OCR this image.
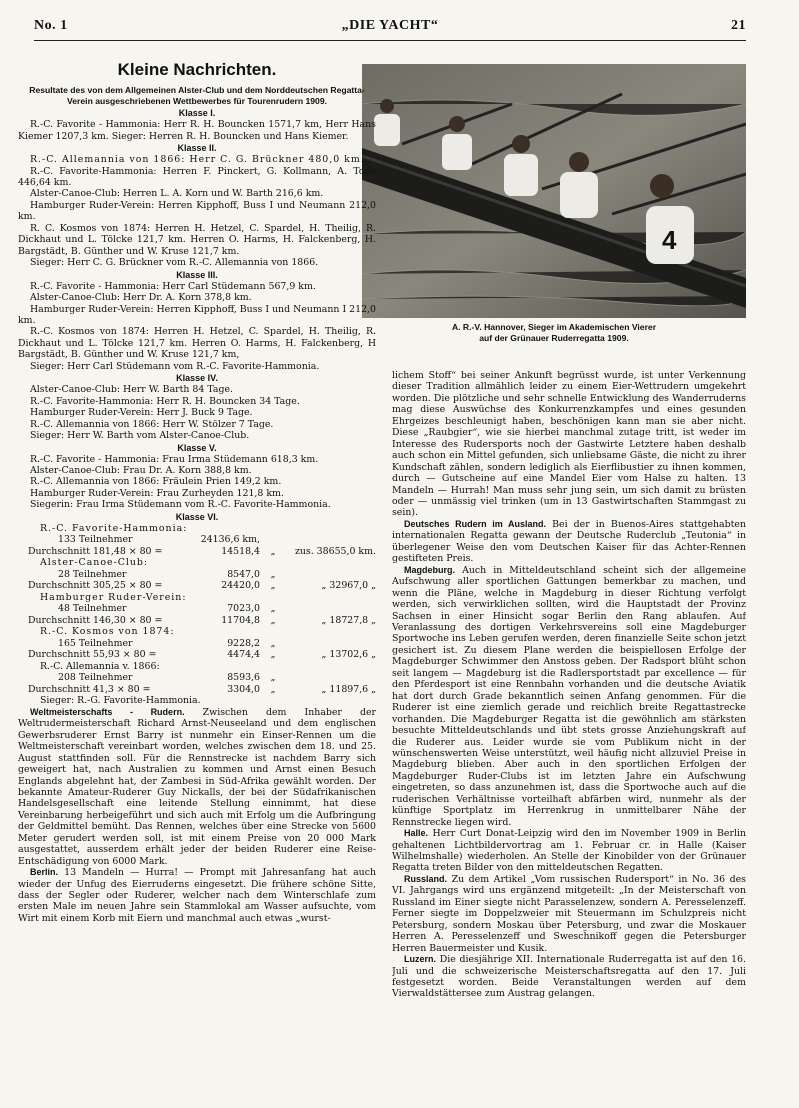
„DIE YACHT“
No. 1	21
4
A. R.-V. Hannover, Sieger im Akademischen Vierer
auf der Grünauer Ruderregatta 1909.
Kleine Nachrichten.
Resultate des von dem Allgemeinen Alster-Club und dem Norddeutschen Regatta-Verein ausgeschriebenen Wettbewerbes für Tourenrudern 1909.
Klasse I.

R.-C. Favorite - Hammonia: Herr R. H. Bouncken 1571,7 km, Herr Hans Kiemer 1207,3 km. Sieger: Herren R. H. Bouncken und Hans Kiemer.

Klasse II.

R.-C. Allemannia von 1866: Herr C. G. Brückner 480,0 km.

R.-C. Favorite-Hammonia: Herren F. Pinckert, G. Kollmann, A. Tode 446,64 km.

Alster-Canoe-Club: Herren L. A. Korn und W. Barth 216,6 km.

Hamburger Ruder-Verein: Herren Kipphoff, Buss I und Neumann 212,0 km.

R. C. Kosmos von 1874: Herren H. Hetzel, C. Spardel, H. Theilig, R. Dickhaut und L. Tölcke 121,7 km. Herren O. Harms, H. Falckenberg, H. Bargstädt, B. Günther und W. Kruse 121,7 km.

Sieger: Herr C. G. Brückner vom R.-C. Allemannia von 1866.

Klasse III.

R.-C. Favorite - Hammonia: Herr Carl Stüdemann 567,9 km.

Alster-Canoe-Club: Herr Dr. A. Korn 378,8 km.

Hamburger Ruder-Verein: Herren Kipphoff, Buss I und Neumann I 212,0 km.

R.-C. Kosmos von 1874: Herren H. Hetzel, C. Spardel, H. Theilig, R. Dickhaut und L. Tölcke 121,7 km. Herren O. Harms, H. Falckenberg, H Bargstädt, B. Günther und W. Kruse 121,7 km,

Sieger: Herr Carl Stüdemann vom R.-C. Favorite-Hammonia.

Klasse IV.

Alster-Canoe-Club: Herr W. Barth 84 Tage.

R.-C. Favorite-Hammonia: Herr R. H. Bouncken 34 Tage.

Hamburger Ruder-Verein: Herr J. Buck 9 Tage.

R.-C. Allemannia von 1866: Herr W. Stölzer 7 Tage.

Sieger: Herr W. Barth vom Alster-Canoe-Club.

Klasse V.

R.-C. Favorite - Hammonia: Frau Irma Stüdemann 618,3 km.

Alster-Canoe-Club: Frau Dr. A. Korn 388,8 km.

R.-C. Allemannia von 1866: Fräulein Prien 149,2 km.

Hamburger Ruder-Verein: Frau Zurheyden 121,8 km.

Siegerin: Frau Irma Stüdemann vom R.-C. Favorite-Hammonia.

Klasse VI.
R.-C. Favorite-Hammonia:
133 Teilnehmer	24136,6 km,
Durchschnitt 181,48 × 80 =	14518,4	„	zus. 38655,0 km.
Alster-Canoe-Club:
28 Teilnehmer	8547,0	„
Durchschnitt 305,25 × 80 =	24420,0	„	„ 32967,0 „
Hamburger Ruder-Verein:
48 Teilnehmer	7023,0	„
Durchschnitt 146,30 × 80 =	11704,8	„	„ 18727,8 „
R.-C. Kosmos von 1874:
165 Teilnehmer	9228,2	„
Durchschnitt 55,93 × 80 =	4474,4	„	„ 13702,6 „
R.-C. Allemannia v. 1866:
208 Teilnehmer	8593,6	„
Durchschnitt 41,3 × 80 =	3304,0	„	„ 11897,6 „
Sieger: R.-G. Favorite-Hammonia.

Weltmeisterschafts - Rudern. Zwischen dem Inhaber der Weltrudermeisterschaft Richard Arnst-Neuseeland und dem englischen Gewerbsruderer Ernst Barry ist nunmehr ein Einser-Rennen um die Weltmeisterschaft vereinbart worden, welches zwischen dem 18. und 25. August stattfinden soll. Für die Rennstrecke ist nachdem Barry sich geweigert hat, nach Australien zu kommen und Arnst einen Besuch Englands abgelehnt hat, der Zambesi in Süd-Afrika gewählt worden. Der bekannte Amateur-Ruderer Guy Nickalls, der bei der Südafrikanischen Handelsgesellschaft eine leitende Stellung einnimmt, hat diese Vereinbarung herbeigeführt und sich auch mit Erfolg um die Aufbringung der Geldmittel bemüht. Das Rennen, welches über eine Strecke von 5600 Meter gerudert werden soll, ist mit einem Preise von 20 000 Mark ausgestattet, ausserdem erhält jeder der beiden Ruderer eine Reise-Entschädigung von 6000 Mark.

Berlin. 13 Mandeln — Hurra! — Prompt mit Jahresanfang hat auch wieder der Unfug des Eierruderns eingesetzt. Die frühere schöne Sitte, dass der Segler oder Ruderer, welcher nach dem Winterschlafe zum ersten Male im neuen Jahre sein Stammlokal am Wasser aufsuchte, vom Wirt mit einem Korb mit Eiern und manchmal auch etwas „wurst-

lichem Stoff“ bei seiner Ankunft begrüsst wurde, ist unter Verkennung dieser Tradition allmählich leider zu einem Eier-Wettrudern umgekehrt worden. Die plötzliche und sehr schnelle Entwicklung des Wanderruderns mag diese Auswüchse des Konkurrenzkampfes und eines gesunden Ehrgeizes beschleunigt haben, beschönigen kann man sie aber nicht. Diese „Raubgier“, wie sie hierbei manchmal zutage tritt, ist weder im Interesse des Rudersports noch der Gastwirte Letztere haben deshalb auch schon ein Mittel gefunden, sich unliebsame Gäste, die nicht zu ihrer Kundschaft zählen, sondern lediglich als Eierflibustier zu ihnen kommen, durch — Gutscheine auf eine Mandel Eier vom Halse zu halten. 13 Mandeln — Hurrah! Man muss sehr jung sein, um sich damit zu brüsten oder — unmässig viel trinken (um in 13 Gastwirtschaften Stammgast zu sein).

Deutsches Rudern im Ausland. Bei der in Buenos-Aires stattgehabten internationalen Regatta gewann der Deutsche Ruderclub „Teutonia“ in überlegener Weise den vom Deutschen Kaiser für das Achter-Rennen gestifteten Preis.

Magdeburg. Auch in Mitteldeutschland scheint sich der allgemeine Aufschwung aller sportlichen Gattungen bemerkbar zu machen, und wenn die Pläne, welche in Magdeburg in dieser Richtung verfolgt werden, sich verwirklichen sollten, wird die Hauptstadt der Provinz Sachsen in einer Hinsicht sogar Berlin den Rang ablaufen. Auf Veranlassung des dortigen Verkehrsvereins soll eine Magdeburger Sportwoche ins Leben gerufen werden, deren finanzielle Seite schon jetzt gesichert ist. Zu diesem Plane werden die beispiellosen Erfolge der Magdeburger Schwimmer den Anstoss geben. Der Radsport blüht schon seit langem — Magdeburg ist die Radlersportstadt par excellence — für den Pferdesport ist eine Rennbahn vorhanden und die deutsche Aviatik hat dort durch Grade bekanntlich seinen Anfang genommen. Für die Ruderer ist eine ziemlich gerade und reichlich breite Regattastrecke vorhanden. Die Magdeburger Regatta ist die gewöhnlich am stärksten besuchte Mitteldeutschlands und übt stets grosse Anziehungskraft auf die Ruderer aus. Leider wurde sie vom Publikum nicht in der wünschenswerten Weise unterstützt, weil häufig nicht allzuviel Preise in Magdeburg blieben. Aber auch in den sportlichen Erfolgen der Magdeburger Ruder-Clubs ist im letzten Jahre ein Aufschwung eingetreten, so dass anzunehmen ist, dass die Sportwoche auch auf die ruderischen Verhältnisse vorteilhaft abfärben wird, nunmehr als der künftige Sportplatz im Herrenkrug in unmittelbarer Nähe der Rennstrecke liegen wird.

Halle. Herr Curt Donat-Leipzig wird den im November 1909 in Berlin gehaltenen Lichtbildervortrag am 1. Februar cr. in Halle (Kaiser Wilhelmshalle) wiederholen. An Stelle der Kinobilder von der Grünauer Regatta treten Bilder von den mitteldeutschen Regatten.

Russland. Zu dem Artikel „Vom russischen Rudersport“ in No. 36 des VI. Jahrgangs wird uns ergänzend mitgeteilt: „In der Meisterschaft von Russland im Einer siegte nicht Parasselenzew, sondern A. Peresselenzeff. Ferner siegte im Doppelzweier mit Steuermann im Schulzpreis nicht Petersburg, sondern Moskau über Petersburg, und zwar die Moskauer Herren A. Peresselenzeff und Swesch̃nikoff gegen die Petersburger Herren Bauermeister und Kusik.

Luzern. Die diesjährige XII. Internationale Ruderregatta ist auf den 16. Juli und die schweizerische Meisterschaftsregatta auf den 17. Juli festgesetzt worden. Beide Veranstaltungen werden auf dem Vierwaldstättersee zum Austrag gelangen.
